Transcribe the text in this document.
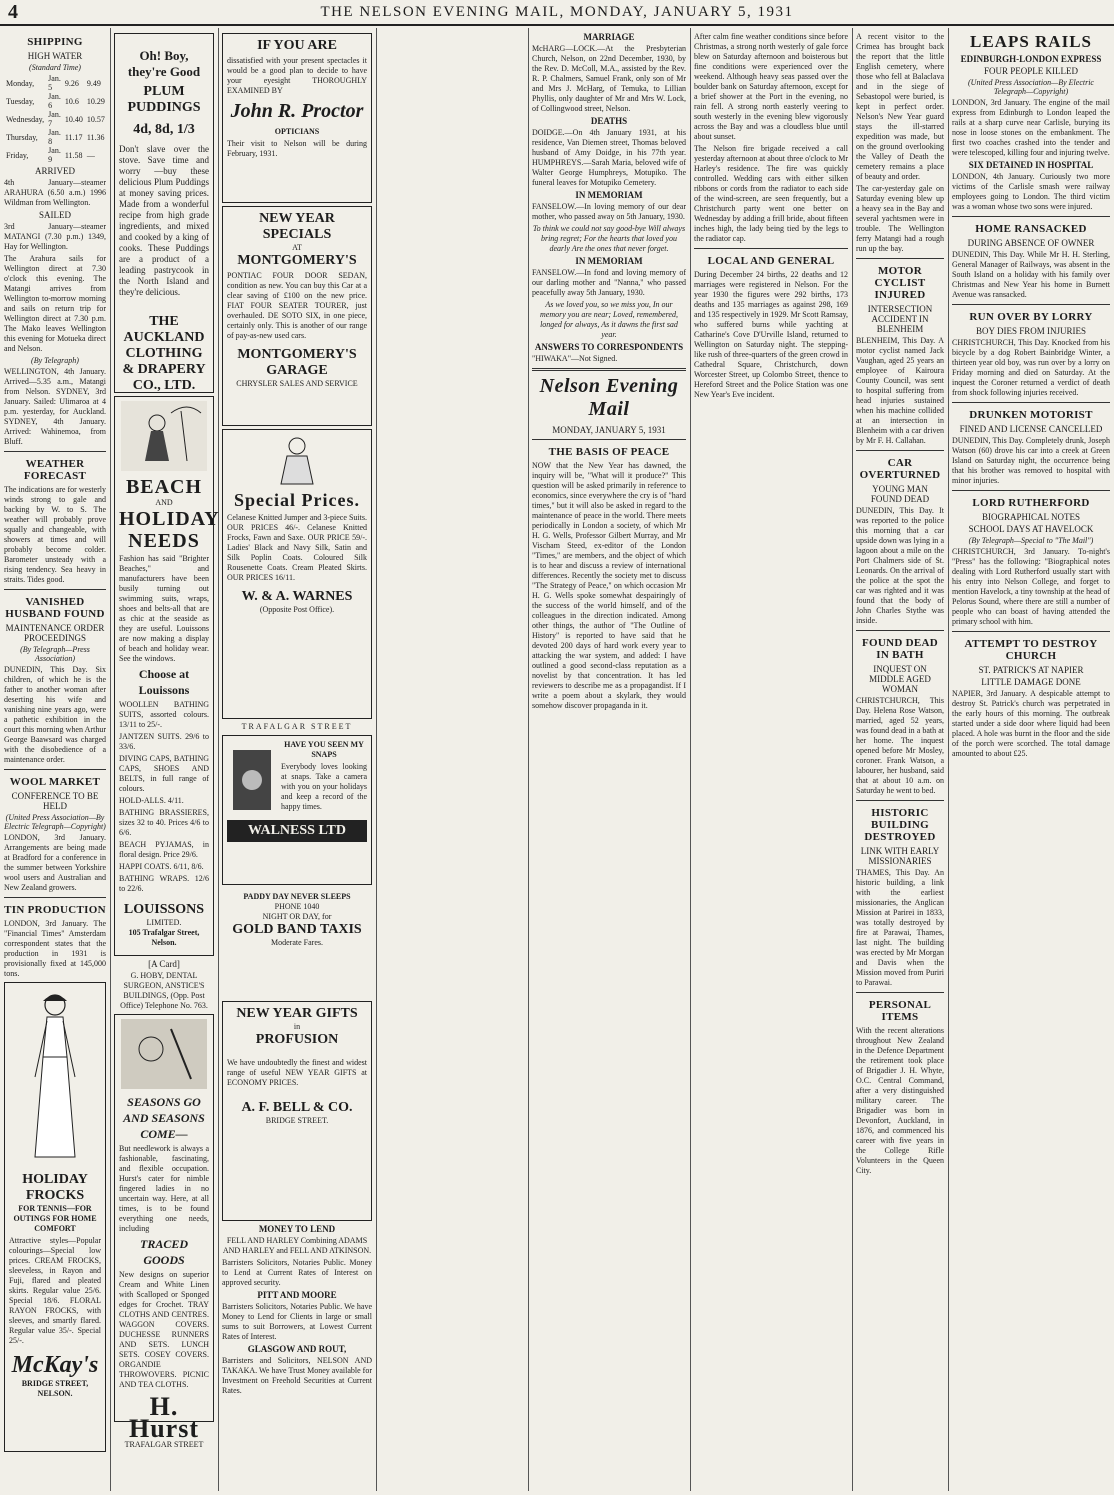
4	THE NELSON EVENING MAIL, MONDAY, JANUARY 5, 1931
SHIPPING
HIGH WATER
(Standard Time)
Monday,	Jan. 5	9.26	9.49
Tuesday,	Jan. 6	10.6	10.29
Wednesday,	Jan. 7	10.40	10.57
Thursday,	Jan. 8	11.17	11.36
Friday,	Jan. 9	11.58	—
ARRIVED
4th January—steamer ARAHURA (6.50 a.m.) 1996 Wildman from Wellington.
SAILED
3rd January—steamer MATANGI (7.30 p.m.) 1349, Hay for Wellington.
The Arahura sails for Wellington direct at 7.30 o'clock this evening. The Matangi arrives from Wellington to-morrow morning and sails on return trip for Wellington direct at 7.30 p.m. The Mako leaves Wellington this evening for Motueka direct and Nelson.
(By Telegraph)
WELLINGTON, 4th January. Arrived—5.35 a.m., Matangi from Nelson. SYDNEY, 3rd January. Sailed: Ulimaroa at 4 p.m. yesterday, for Auckland. SYDNEY, 4th January. Arrived: Wahinemoa, from Bluff.
WEATHER FORECAST
The indications are for westerly winds strong to gale and backing by W. to S. The weather will probably prove squally and changeable, with showers at times and will probably become colder. Barometer unsteady with a rising tendency. Sea heavy in straits. Tides good.
VANISHED HUSBAND FOUND
MAINTENANCE ORDER PROCEEDINGS
(By Telegraph—Press Association)
DUNEDIN, This Day. Six children, of which he is the father to another woman after deserting his wife and vanishing nine years ago, were a pathetic exhibition in the court this morning when Arthur George Baawsard was charged with the disobedience of a maintenance order.
WOOL MARKET
CONFERENCE TO BE HELD
(United Press Association—By Electric Telegraph—Copyright)
LONDON, 3rd January. Arrangements are being made at Bradford for a conference in the summer between Yorkshire wool users and Australian and New Zealand growers.
TIN PRODUCTION
LONDON, 3rd January. The "Financial Times" Amsterdam correspondent states that the production in 1931 is provisionally fixed at 145,000 tons.
HOLIDAY FROCKS
FOR TENNIS—FOR OUTINGS FOR HOME COMFORT
Attractive styles—Popular colourings—Special low prices. CREAM FROCKS, sleeveless, in Rayon and Fuji, flared and pleated skirts. Regular value 25/6. Special 18/6. FLORAL RAYON FROCKS, with sleeves, and smartly flared. Regular value 35/-. Special 25/-.
McKay's
BRIDGE STREET, NELSON.
Oh! Boy, they're Good
PLUM PUDDINGS
4d, 8d, 1/3
Don't slave over the stove. Save time and worry —buy these delicious Plum Puddings at money saving prices. Made from a wonderful recipe from high grade ingredients, and mixed and cooked by a king of cooks. These Puddings are a product of a leading pastrycook in the North Island and they're delicious.
THE AUCKLAND CLOTHING & DRAPERY CO., LTD.
BEACH
AND
HOLIDAY
NEEDS
Fashion has said "Brighter Beaches," and manufacturers have been busily turning out swimming suits, wraps, shoes and belts-all that are as chic at the seaside as they are useful. Louissons are now making a display of beach and holiday wear. See the windows.
Choose at Louissons
WOOLLEN BATHING SUITS, assorted colours. 13/11 to 25/-.
JANTZEN SUITS. 29/6 to 33/6.
DIVING CAPS, BATHING CAPS, SHOES AND BELTS, in full range of colours.
HOLD-ALLS. 4/11.
BATHING BRASSIERES, sizes 32 to 40. Prices 4/6 to 6/6.
BEACH PYJAMAS, in floral design. Price 29/6.
HAPPI COATS. 6/11, 8/6.
BATHING WRAPS. 12/6 to 22/6.
LOUISSONS
LIMITED.
105 Trafalgar Street, Nelson.
[A Card]
G. HOBY, DENTAL SURGEON, ANSTICE'S BUILDINGS, (Opp. Post Office) Telephone No. 763.
SEASONS GO AND SEASONS COME—
But needlework is always a fashionable, fascinating, and flexible occupation. Hurst's cater for nimble fingered ladies in no uncertain way. Here, at all times, is to be found everything one needs, including
TRACED GOODS
New designs on superior Cream and White Linen with Scalloped or Sponged edges for Crochet. TRAY CLOTHS AND CENTRES. WAGGON COVERS. DUCHESSE RUNNERS AND SETS. LUNCH SETS. COSEY COVERS. ORGANDIE THROWOVERS. PICNIC AND TEA CLOTHS.
H. Hurst
TRAFALGAR STREET
IF YOU ARE
dissatisfied with your present spectacles it would be a good plan to decide to have your eyesight THOROUGHLY EXAMINED BY
John R. Proctor
OPTICIANS
Their visit to Nelson will be during February, 1931.
NEW YEAR SPECIALS
AT
MONTGOMERY'S
PONTIAC FOUR DOOR SEDAN, condition as new. You can buy this Car at a clear saving of £100 on the new price. FIAT FOUR SEATER TOURER, just overhauled. DE SOTO SIX, in one piece, certainly only. This is another of our range of pay-as-new used cars.
MONTGOMERY'S GARAGE
CHRYSLER SALES AND SERVICE
Special Prices.
Celanese Knitted Jumper and 3-piece Suits. OUR PRICES 46/-. Celanese Knitted Frocks, Fawn and Saxe. OUR PRICE 59/-. Ladies' Black and Navy Silk, Satin and Silk Poplin Coats. Coloured Silk Rousenette Coats. Cream Pleated Skirts. OUR PRICES 16/11.
W. & A. WARNES
(Opposite Post Office).
TRAFALGAR STREET
HAVE YOU SEEN MY SNAPS
Everybody loves looking at snaps. Take a camera with you on your holidays and keep a record of the happy times.
WALNESS LTD
PADDY DAY NEVER SLEEPS
PHONE 1040
NIGHT OR DAY, for
GOLD BAND TAXIS
Moderate Fares.
NEW YEAR GIFTS
in
PROFUSION
We have undoubtedly the finest and widest range of useful NEW YEAR GIFTS at ECONOMY PRICES.
A. F. BELL & CO.
BRIDGE STREET.
MONEY TO LEND
FELL AND HARLEY Combining ADAMS AND HARLEY and FELL AND ATKINSON.
Barristers Solicitors, Notaries Public. Money to Lend at Current Rates of Interest on approved security.
PITT AND MOORE
Barristers Solicitors, Notaries Public. We have Money to Lend for Clients in large or small sums to suit Borrowers, at Lowest Current Rates of Interest.
GLASGOW AND ROUT,
Barristers and Solicitors, NELSON AND TAKAKA. We have Trust Money available for Investment on Freehold Securities at Current Rates.
MARRIAGE
McHARG—LOCK.—At the Presbyterian Church, Nelson, on 22nd December, 1930, by the Rev. D. McColl, M.A., assisted by the Rev. R. P. Chalmers, Samuel Frank, only son of Mr and Mrs J. McHarg, of Temuka, to Lillian Phyllis, only daughter of Mr and Mrs W. Lock, of Collingwood street, Nelson.
DEATHS
DOIDGE.—On 4th January 1931, at his residence, Van Diemen street, Thomas beloved husband of Amy Doidge, in his 77th year. HUMPHREYS.—Sarah Maria, beloved wife of Walter George Humphreys, Motupiko. The funeral leaves for Motupiko Cemetery.
IN MEMORIAM
FANSELOW.—In loving memory of our dear mother, who passed away on 5th January, 1930.
To think we could not say good-bye Will always bring regret; For the hearts that loved you dearly Are the ones that never forget.
IN MEMORIAM
FANSELOW.—In fond and loving memory of our darling mother and "Nanna," who passed peacefully away 5th January, 1930.
As we loved you, so we miss you, In our memory you are near; Loved, remembered, longed for always, As it dawns the first sad year.
ANSWERS TO CORRESPONDENTS
"HIWAKA"—Not Signed.
Nelson Evening Mail
MONDAY, JANUARY 5, 1931
THE BASIS OF PEACE
NOW that the New Year has dawned, the inquiry will be, "What will it produce?" This question will be asked primarily in reference to economics, since everywhere the cry is of "hard times," but it will also be asked in regard to the maintenance of peace in the world. There meets periodically in London a society, of which Mr H. G. Wells, Professor Gilbert Murray, and Mr Vischam Steed, ex-editor of the London "Times," are members, and the object of which is to hear and discuss a review of international differences. Recently the society met to discuss "The Strategy of Peace," on which occasion Mr H. G. Wells spoke somewhat despairingly of the success of the world himself, and of the colleagues in the direction indicated. Among other things, the author of "The Outline of History" is reported to have said that he devoted 200 days of hard work every year to attacking the war system, and added: I have outlined a good second-class reputation as a novelist by that concentration. It has led reviewers to describe me as a propagandist. If I write a poem about a skylark, they would somehow discover propaganda in it.
After calm fine weather conditions since before Christmas, a strong north westerly of gale force blew on Saturday afternoon and boisterous but fine conditions were experienced over the weekend. Although heavy seas passed over the boulder bank on Saturday afternoon, except for a brief shower at the Port in the evening, no rain fell. A strong north easterly veering to south westerly in the evening blew vigorously across the Bay and was a cloudless blue until about sunset.
The Nelson fire brigade received a call yesterday afternoon at about three o'clock to Mr Harley's residence. The fire was quickly controlled. Wedding cars with either silken ribbons or cords from the radiator to each side of the wind-screen, are seen frequently, but a Christchurch party went one better on Wednesday by adding a frill bride, about fifteen inches high, the lady being tied by the legs to the radiator cap.
LOCAL AND GENERAL
During December 24 births, 22 deaths and 12 marriages were registered in Nelson. For the year 1930 the figures were 292 births, 173 deaths and 135 marriages as against 298, 169 and 135 respectively in 1929. Mr Scott Ramsay, who suffered burns while yachting at Catharine's Cove D'Urville Island, returned to Wellington on Saturday night. The stepping-like rush of three-quarters of the green crowd in Cathedral Square, Christchurch, down Worcester Street, up Colombo Street, thence to Hereford Street and the Police Station was one New Year's Eve incident.
A recent visitor to the Crimea has brought back the report that the little English cemetery, where those who fell at Balaclava and in the siege of Sebastopol were buried, is kept in perfect order. Nelson's New Year guard stays the ill-starred expedition was made, but on the ground overlooking the Valley of Death the cemetery remains a place of beauty and order.
The car-yesterday gale on Saturday evening blew up a heavy sea in the Bay and several yachtsmen were in trouble. The Wellington ferry Matangi had a rough run up the bay.
MOTOR CYCLIST INJURED
INTERSECTION ACCIDENT IN BLENHEIM
BLENHEIM, This Day. A motor cyclist named Jack Vaughan, aged 25 years an employee of Kairoura County Council, was sent to hospital suffering from head injuries sustained when his machine collided at an intersection in Blenheim with a car driven by Mr F. H. Callahan.
CAR OVERTURNED
YOUNG MAN FOUND DEAD
DUNEDIN, This Day. It was reported to the police this morning that a car upside down was lying in a lagoon about a mile on the Port Chalmers side of St. Leonards. On the arrival of the police at the spot the car was righted and it was found that the body of John Charles Stythe was inside.
FOUND DEAD IN BATH
INQUEST ON MIDDLE AGED WOMAN
CHRISTCHURCH, This Day. Helena Rose Watson, married, aged 52 years, was found dead in a bath at her home. The inquest opened before Mr Mosley, coroner. Frank Watson, a labourer, her husband, said that at about 10 a.m. on Saturday he went to bed.
HISTORIC BUILDING DESTROYED
LINK WITH EARLY MISSIONARIES
THAMES, This Day. An historic building, a link with the earliest missionaries, the Anglican Mission at Parirei in 1833, was totally destroyed by fire at Parawai, Thames, last night. The building was erected by Mr Morgan and Davis when the Mission moved from Puriri to Parawai.
PERSONAL ITEMS
With the recent alterations throughout New Zealand in the Defence Department the retirement took place of Brigadier J. H. Whyte, O.C. Central Command, after a very distinguished military career. The Brigadier was born in Devonfort, Auckland, in 1876, and commenced his career with five years in the College Rifle Volunteers in the Queen City.
LEAPS RAILS
EDINBURGH-LONDON EXPRESS
FOUR PEOPLE KILLED
(United Press Association—By Electric Telegraph—Copyright)
LONDON, 3rd January. The engine of the mail express from Edinburgh to London leaped the rails at a sharp curve near Carlisle, burying its nose in loose stones on the embankment. The first two coaches crashed into the tender and were telescoped, killing four and injuring twelve.
SIX DETAINED IN HOSPITAL
LONDON, 4th January. Curiously two more victims of the Carlisle smash were railway employees going to London. The third victim was a woman whose two sons were injured.
HOME RANSACKED
DURING ABSENCE OF OWNER
DUNEDIN, This Day. While Mr H. H. Sterling, General Manager of Railways, was absent in the South Island on a holiday with his family over Christmas and New Year his home in Burnett Avenue was ransacked.
RUN OVER BY LORRY
BOY DIES FROM INJURIES
CHRISTCHURCH, This Day. Knocked from his bicycle by a dog Robert Bainbridge Winter, a thirteen year old boy, was run over by a lorry on Friday morning and died on Saturday. At the inquest the Coroner returned a verdict of death from shock following injuries received.
DRUNKEN MOTORIST
FINED AND LICENSE CANCELLED
DUNEDIN, This Day. Completely drunk, Joseph Watson (60) drove his car into a creek at Green Island on Saturday night, the occurrence being that his brother was removed to hospital with minor injuries.
LORD RUTHERFORD
BIOGRAPHICAL NOTES
SCHOOL DAYS AT HAVELOCK
(By Telegraph—Special to "The Mail")
CHRISTCHURCH, 3rd January. To-night's "Press" has the following: "Biographical notes dealing with Lord Rutherford usually start with his entry into Nelson College, and forget to mention Havelock, a tiny township at the head of Pelorus Sound, where there are still a number of people who can boast of having attended the primary school with him.
ATTEMPT TO DESTROY CHURCH
ST. PATRICK'S AT NAPIER
LITTLE DAMAGE DONE
NAPIER, 3rd January. A despicable attempt to destroy St. Patrick's church was perpetrated in the early hours of this morning. The outbreak started under a side door where liquid had been placed. A hole was burnt in the floor and the side of the porch were scorched. The total damage amounted to about £25.
